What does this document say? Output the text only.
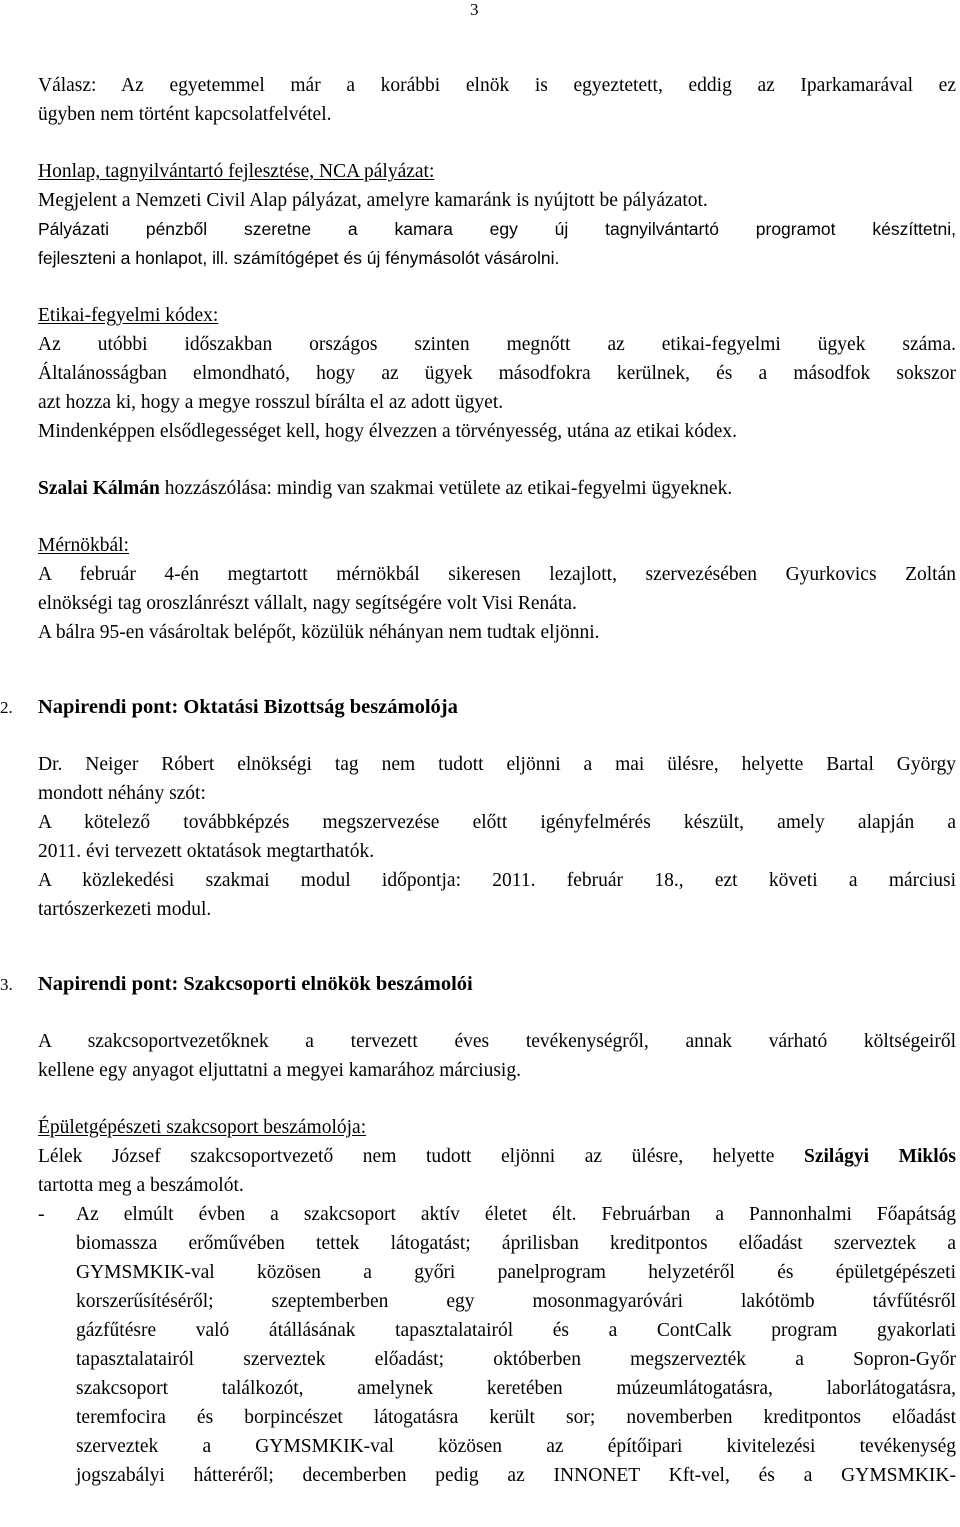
3
Válasz: Az egyetemmel már a korábbi elnök is egyeztetett, eddig az Iparkamarával ez
ügyben nem történt kapcsolatfelvétel.
Honlap, tagnyilvántartó fejlesztése, NCA pályázat:
Megjelent a Nemzeti Civil Alap pályázat, amelyre kamaránk is nyújtott be pályázatot.
Pályázati pénzből szeretne a kamara egy új tagnyilvántartó programot készíttetni,
fejleszteni a honlapot, ill. számítógépet és új fénymásolót vásárolni.
Etikai-fegyelmi kódex:
Az utóbbi időszakban országos szinten megnőtt az etikai-fegyelmi ügyek száma.
Általánosságban elmondható, hogy az ügyek másodfokra kerülnek, és a másodfok sokszor
azt hozza ki, hogy a megye rosszul bírálta el az adott ügyet.
Mindenképpen elsődlegességet kell, hogy élvezzen a törvényesség, utána az etikai kódex.
Szalai Kálmán hozzászólása: mindig van szakmai vetülete az etikai-fegyelmi ügyeknek.
Mérnökbál:
A február 4-én megtartott mérnökbál sikeresen lezajlott, szervezésében Gyurkovics Zoltán
elnökségi tag oroszlánrészt vállalt, nagy segítségére volt Visi Renáta.
A bálra 95-en vásároltak belépőt, közülük néhányan nem tudtak eljönni.
2. Napirendi pont: Oktatási Bizottság beszámolója
Dr. Neiger Róbert elnökségi tag nem tudott eljönni a mai ülésre, helyette Bartal György
mondott néhány szót:
A kötelező továbbképzés megszervezése előtt igényfelmérés készült, amely alapján a
2011. évi tervezett oktatások megtarthatók.
A közlekedési szakmai modul időpontja: 2011. február 18., ezt követi a márciusi
tartószerkezeti modul.
3. Napirendi pont: Szakcsoporti elnökök beszámolói
A szakcsoportvezetőknek a tervezett éves tevékenységről, annak várható költségeiről
kellene egy anyagot eljuttatni a megyei kamarához márciusig.
Épületgépészeti szakcsoport beszámolója:
Lélek József szakcsoportvezető nem tudott eljönni az ülésre, helyette Szilágyi Miklós
tartotta meg a beszámolót.
- Az elmúlt évben a szakcsoport aktív életet élt. Februárban a Pannonhalmi Főapátság
biomassza erőművében tettek látogatást; áprilisban kreditpontos előadást szerveztek a
GYMSMKIK-val közösen a győri panelprogram helyzetéről és épületgépészeti
korszerűsítéséről; szeptemberben egy mosonmagyaróvári lakótömb távfűtésről
gázfűtésre való átállásának tapasztalatairól és a ContCalk program gyakorlati
tapasztalatairól szerveztek előadást; októberben megszervezték a Sopron-Győr
szakcsoport találkozót, amelynek keretében múzeumlátogatásra, laborlátogatásra,
teremfocira és borpincészet látogatásra került sor; novemberben kreditpontos előadást
szerveztek a GYMSMKIK-val közösen az építőipari kivitelezési tevékenység
jogszabályi hátteréről; decemberben pedig az INNONET Kft-vel, és a GYMSMKIK-
